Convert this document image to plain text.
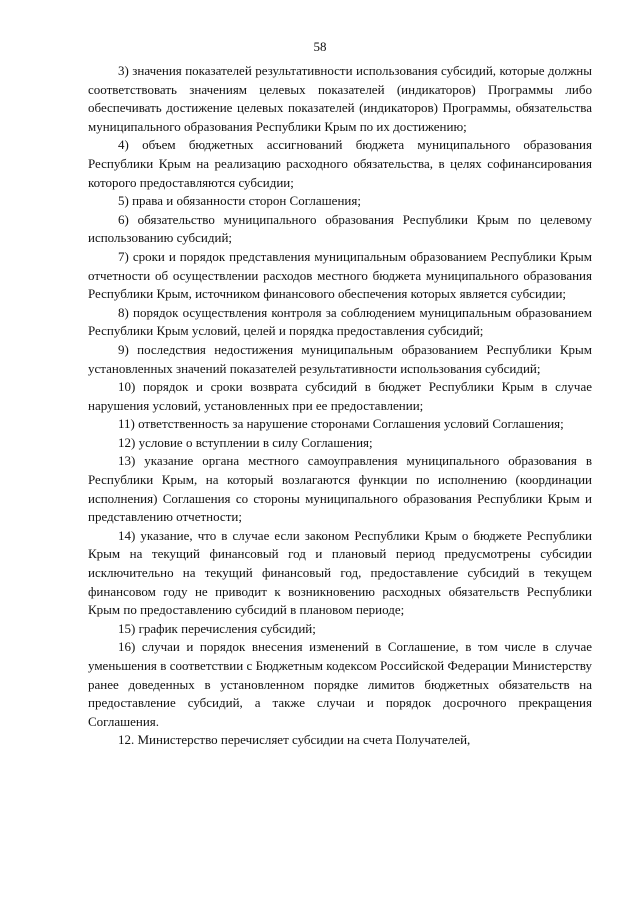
58

3) значения показателей результативности использования субсидий, которые должны соответствовать значениям целевых показателей (индикаторов) Программы либо обеспечивать достижение целевых показателей (индикаторов) Программы, обязательства муниципального образования Республики Крым по их достижению;

4) объем бюджетных ассигнований бюджета муниципального образования Республики Крым на реализацию расходного обязательства, в целях софинансирования которого предоставляются субсидии;

5) права и обязанности сторон Соглашения;

6) обязательство муниципального образования Республики Крым по целевому использованию субсидий;

7) сроки и порядок представления муниципальным образованием Республики Крым отчетности об осуществлении расходов местного бюджета муниципального образования Республики Крым, источником финансового обеспечения которых является субсидии;

8) порядок осуществления контроля за соблюдением муниципальным образованием Республики Крым условий, целей и порядка предоставления субсидий;

9) последствия недостижения муниципальным образованием Республики Крым установленных значений показателей результативности использования субсидий;

10) порядок и сроки возврата субсидий в бюджет Республики Крым в случае нарушения условий, установленных при ее предоставлении;

11) ответственность за нарушение сторонами Соглашения условий Соглашения;

12) условие о вступлении в силу Соглашения;

13) указание органа местного самоуправления муниципального образования в Республики Крым, на который возлагаются функции по исполнению (координации исполнения) Соглашения со стороны муниципального образования Республики Крым и представлению отчетности;

14) указание, что в случае если законом Республики Крым о бюджете Республики Крым на текущий финансовый год и плановый период предусмотрены субсидии исключительно на текущий финансовый год, предоставление субсидий в текущем финансовом году не приводит к возникновению расходных обязательств Республики Крым по предоставлению субсидий в плановом периоде;

15) график перечисления субсидий;

16) случаи и порядок внесения изменений в Соглашение, в том числе в случае уменьшения в соответствии с Бюджетным кодексом Российской Федерации Министерству ранее доведенных в установленном порядке лимитов бюджетных обязательств на предоставление субсидий, а также случаи и порядок досрочного прекращения Соглашения.

12. Министерство перечисляет субсидии на счета Получателей,
